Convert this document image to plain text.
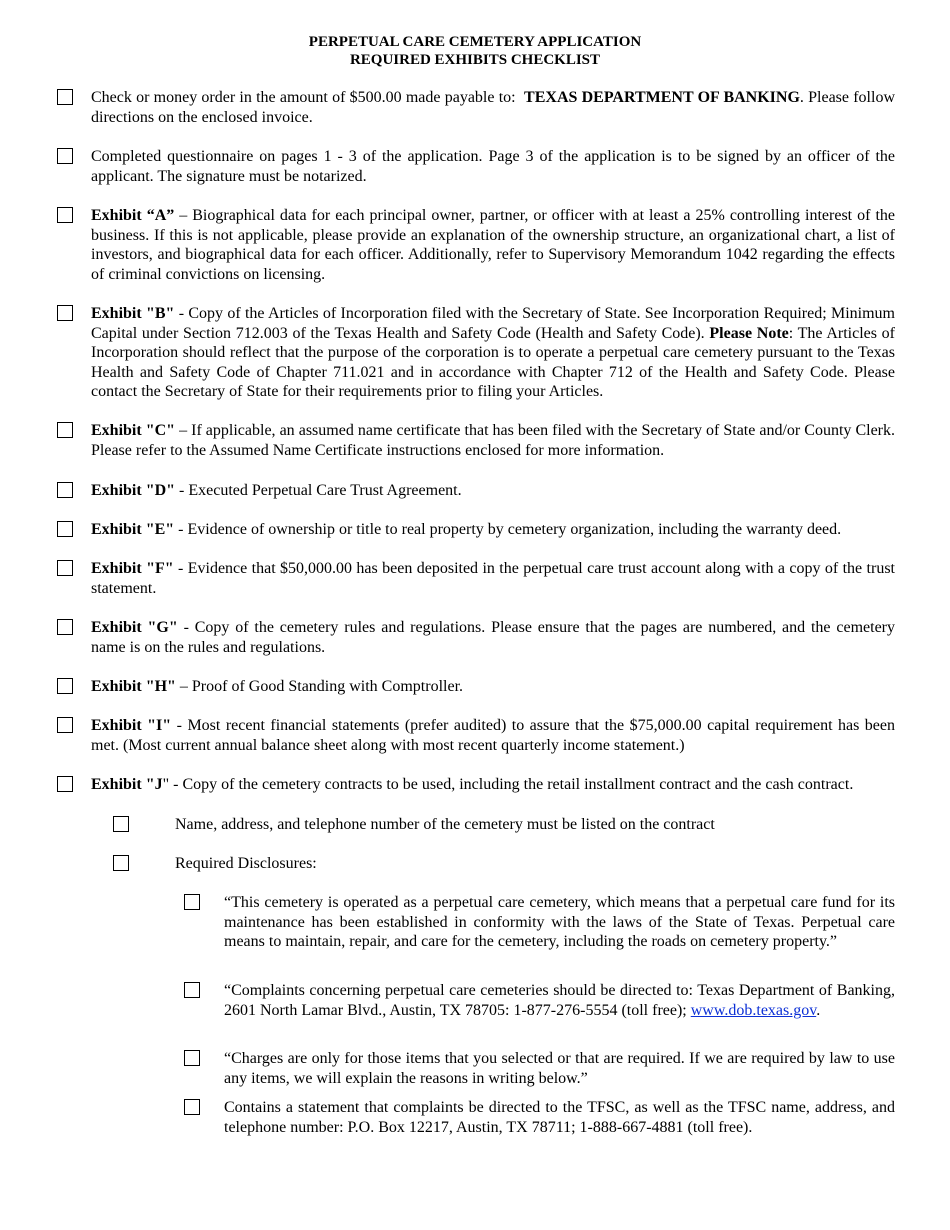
PERPETUAL CARE CEMETERY APPLICATION
REQUIRED EXHIBITS CHECKLIST
Check or money order in the amount of $500.00 made payable to: TEXAS DEPARTMENT OF BANKING. Please follow directions on the enclosed invoice.
Completed questionnaire on pages 1 - 3 of the application. Page 3 of the application is to be signed by an officer of the applicant. The signature must be notarized.
Exhibit “A” – Biographical data for each principal owner, partner, or officer with at least a 25% controlling interest of the business. If this is not applicable, please provide an explanation of the ownership structure, an organizational chart, a list of investors, and biographical data for each officer. Additionally, refer to Supervisory Memorandum 1042 regarding the effects of criminal convictions on licensing.
Exhibit "B" - Copy of the Articles of Incorporation filed with the Secretary of State. See Incorporation Required; Minimum Capital under Section 712.003 of the Texas Health and Safety Code (Health and Safety Code). Please Note: The Articles of Incorporation should reflect that the purpose of the corporation is to operate a perpetual care cemetery pursuant to the Texas Health and Safety Code of Chapter 711.021 and in accordance with Chapter 712 of the Health and Safety Code. Please contact the Secretary of State for their requirements prior to filing your Articles.
Exhibit "C" – If applicable, an assumed name certificate that has been filed with the Secretary of State and/or County Clerk. Please refer to the Assumed Name Certificate instructions enclosed for more information.
Exhibit "D" - Executed Perpetual Care Trust Agreement.
Exhibit "E" - Evidence of ownership or title to real property by cemetery organization, including the warranty deed.
Exhibit "F" - Evidence that $50,000.00 has been deposited in the perpetual care trust account along with a copy of the trust statement.
Exhibit "G" - Copy of the cemetery rules and regulations. Please ensure that the pages are numbered, and the cemetery name is on the rules and regulations.
Exhibit "H" – Proof of Good Standing with Comptroller.
Exhibit "I" - Most recent financial statements (prefer audited) to assure that the $75,000.00 capital requirement has been met. (Most current annual balance sheet along with most recent quarterly income statement.)
Exhibit "J" - Copy of the cemetery contracts to be used, including the retail installment contract and the cash contract.
Name, address, and telephone number of the cemetery must be listed on the contract
Required Disclosures:
“This cemetery is operated as a perpetual care cemetery, which means that a perpetual care fund for its maintenance has been established in conformity with the laws of the State of Texas. Perpetual care means to maintain, repair, and care for the cemetery, including the roads on cemetery property.”
“Complaints concerning perpetual care cemeteries should be directed to: Texas Department of Banking, 2601 North Lamar Blvd., Austin, TX 78705: 1-877-276-5554 (toll free); www.dob.texas.gov.
“Charges are only for those items that you selected or that are required. If we are required by law to use any items, we will explain the reasons in writing below.”
Contains a statement that complaints be directed to the TFSC, as well as the TFSC name, address, and telephone number: P.O. Box 12217, Austin, TX 78711; 1-888-667-4881 (toll free).
